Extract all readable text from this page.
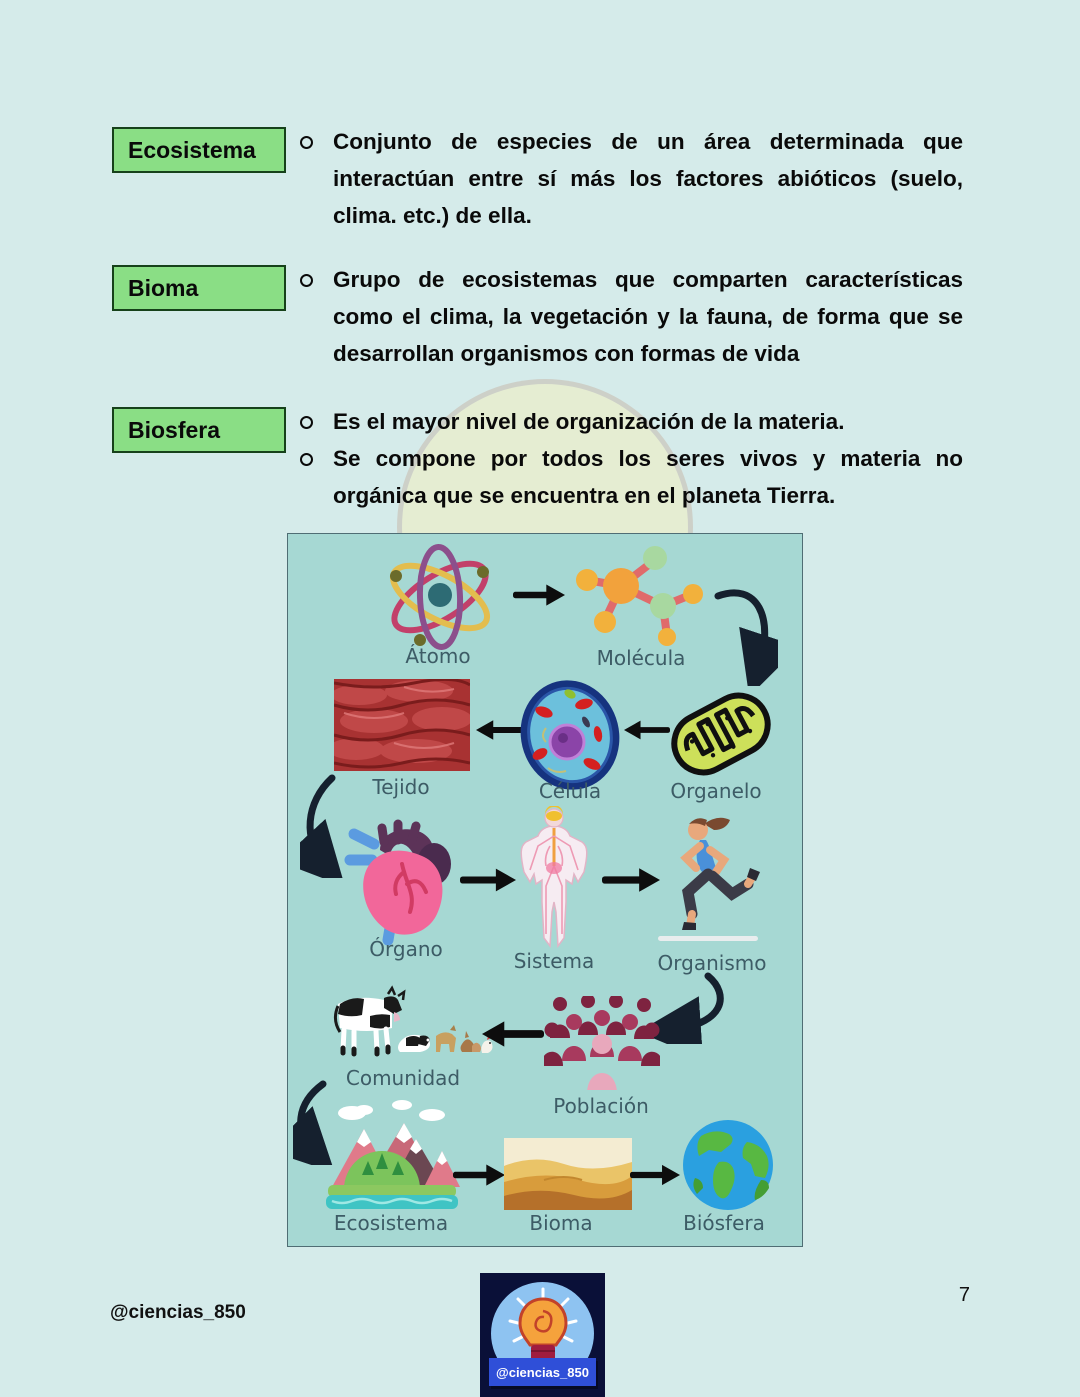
Ecosistema	Conjunto de especies de un área determinada que interactúan entre sí más los factores abióticos (suelo, clima. etc.) de ella.

Bioma	Grupo de ecosistemas que comparten características como el clima, la vegetación y la fauna, de forma que se desarrollan organismos con formas de vida

Biosfera	Es el mayor nivel de organización de la materia.

Se compone por todos los seres vivos y materia no orgánica que se encuentra en el planeta Tierra.

Átomo	Molécula
Tejido	Célula	Organelo
Órgano	Sistema	Organismo
Comunidad
Población
Ecosistema	Bioma	Biósfera
@ciencias_850
7
@ciencias_850
